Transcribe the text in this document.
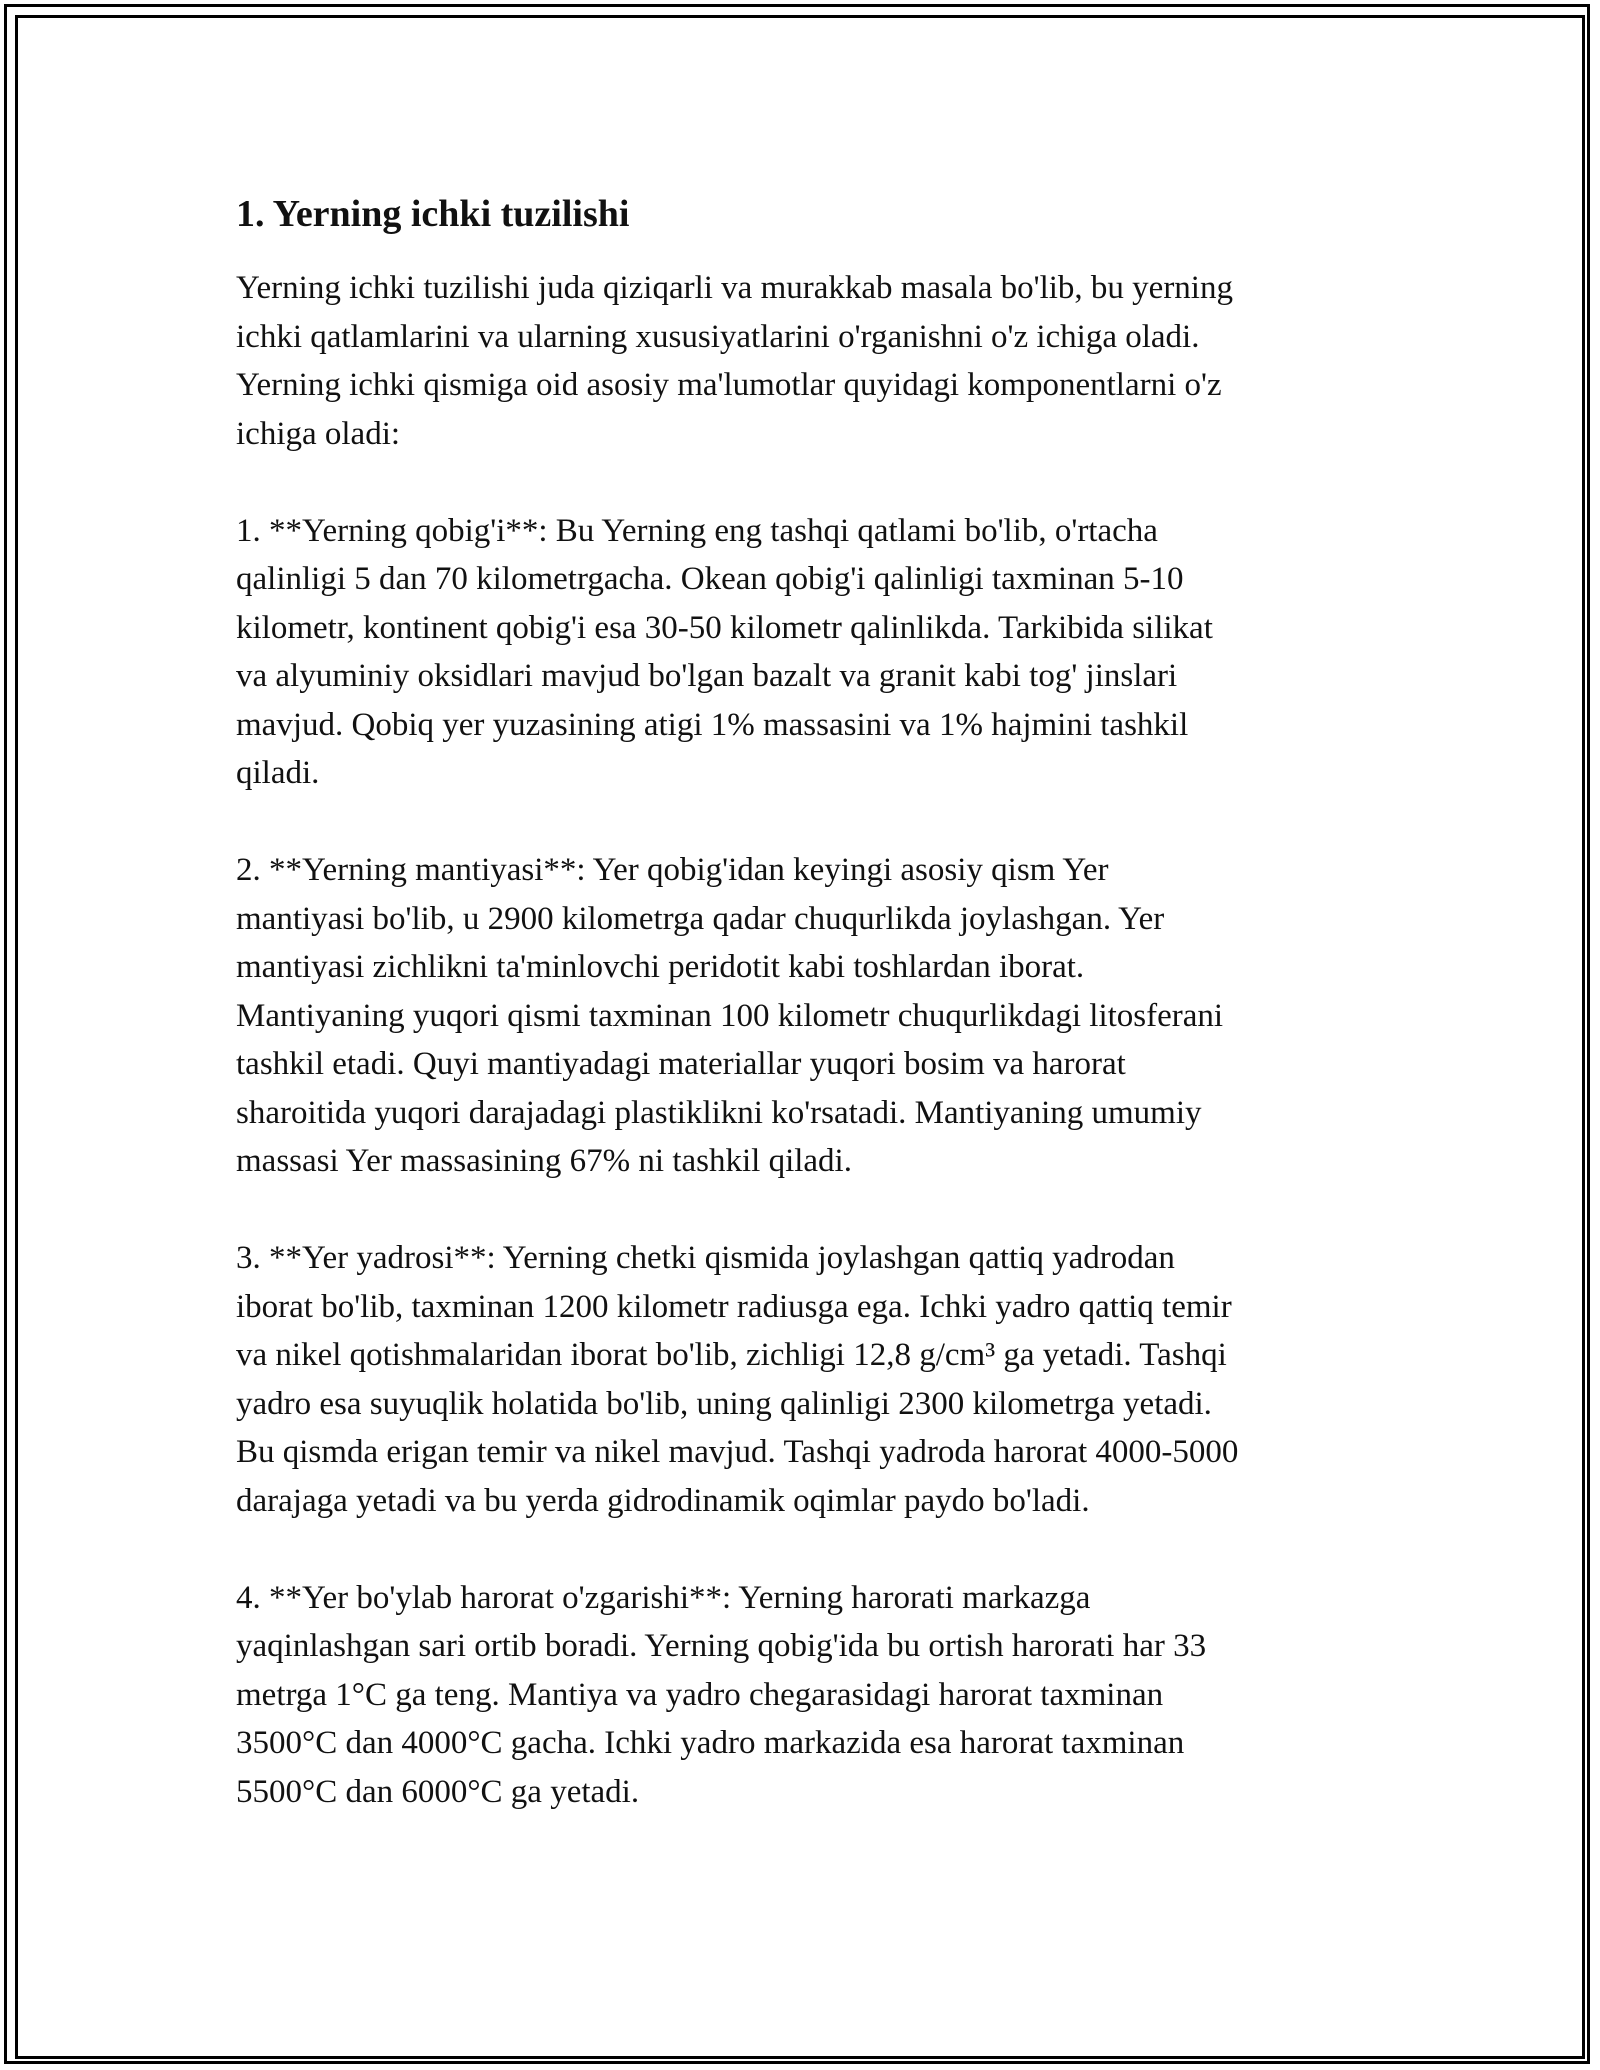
1. Yerning ichki tuzilishi

Yerning ichki tuzilishi juda qiziqarli va murakkab masala bo'lib, bu yerning
ichki qatlamlarini va ularning xususiyatlarini o'rganishni o'z ichiga oladi.
Yerning ichki qismiga oid asosiy ma'lumotlar quyidagi komponentlarni o'z
ichiga oladi:

1. **Yerning qobig'i**: Bu Yerning eng tashqi qatlami bo'lib, o'rtacha
qalinligi 5 dan 70 kilometrgacha. Okean qobig'i qalinligi taxminan 5-10
kilometr, kontinent qobig'i esa 30-50 kilometr qalinlikda. Tarkibida silikat
va alyuminiy oksidlari mavjud bo'lgan bazalt va granit kabi tog' jinslari
mavjud. Qobiq yer yuzasining atigi 1% massasini va 1% hajmini tashkil
qiladi.

2. **Yerning mantiyasi**: Yer qobig'idan keyingi asosiy qism Yer
mantiyasi bo'lib, u 2900 kilometrga qadar chuqurlikda joylashgan. Yer
mantiyasi zichlikni ta'minlovchi peridotit kabi toshlardan iborat.
Mantiyaning yuqori qismi taxminan 100 kilometr chuqurlikdagi litosferani
tashkil etadi. Quyi mantiyadagi materiallar yuqori bosim va harorat
sharoitida yuqori darajadagi plastiklikni ko'rsatadi. Mantiyaning umumiy
massasi Yer massasining 67% ni tashkil qiladi.

3. **Yer yadrosi**: Yerning chetki qismida joylashgan qattiq yadrodan
iborat bo'lib, taxminan 1200 kilometr radiusga ega. Ichki yadro qattiq temir
va nikel qotishmalaridan iborat bo'lib, zichligi 12,8 g/cm³ ga yetadi. Tashqi
yadro esa suyuqlik holatida bo'lib, uning qalinligi 2300 kilometrga yetadi.
Bu qismda erigan temir va nikel mavjud. Tashqi yadroda harorat 4000-5000
darajaga yetadi va bu yerda gidrodinamik oqimlar paydo bo'ladi.

4. **Yer bo'ylab harorat o'zgarishi**: Yerning harorati markazga
yaqinlashgan sari ortib boradi. Yerning qobig'ida bu ortish harorati har 33
metrga 1°C ga teng. Mantiya va yadro chegarasidagi harorat taxminan
3500°C dan 4000°C gacha. Ichki yadro markazida esa harorat taxminan
5500°C dan 6000°C ga yetadi.
